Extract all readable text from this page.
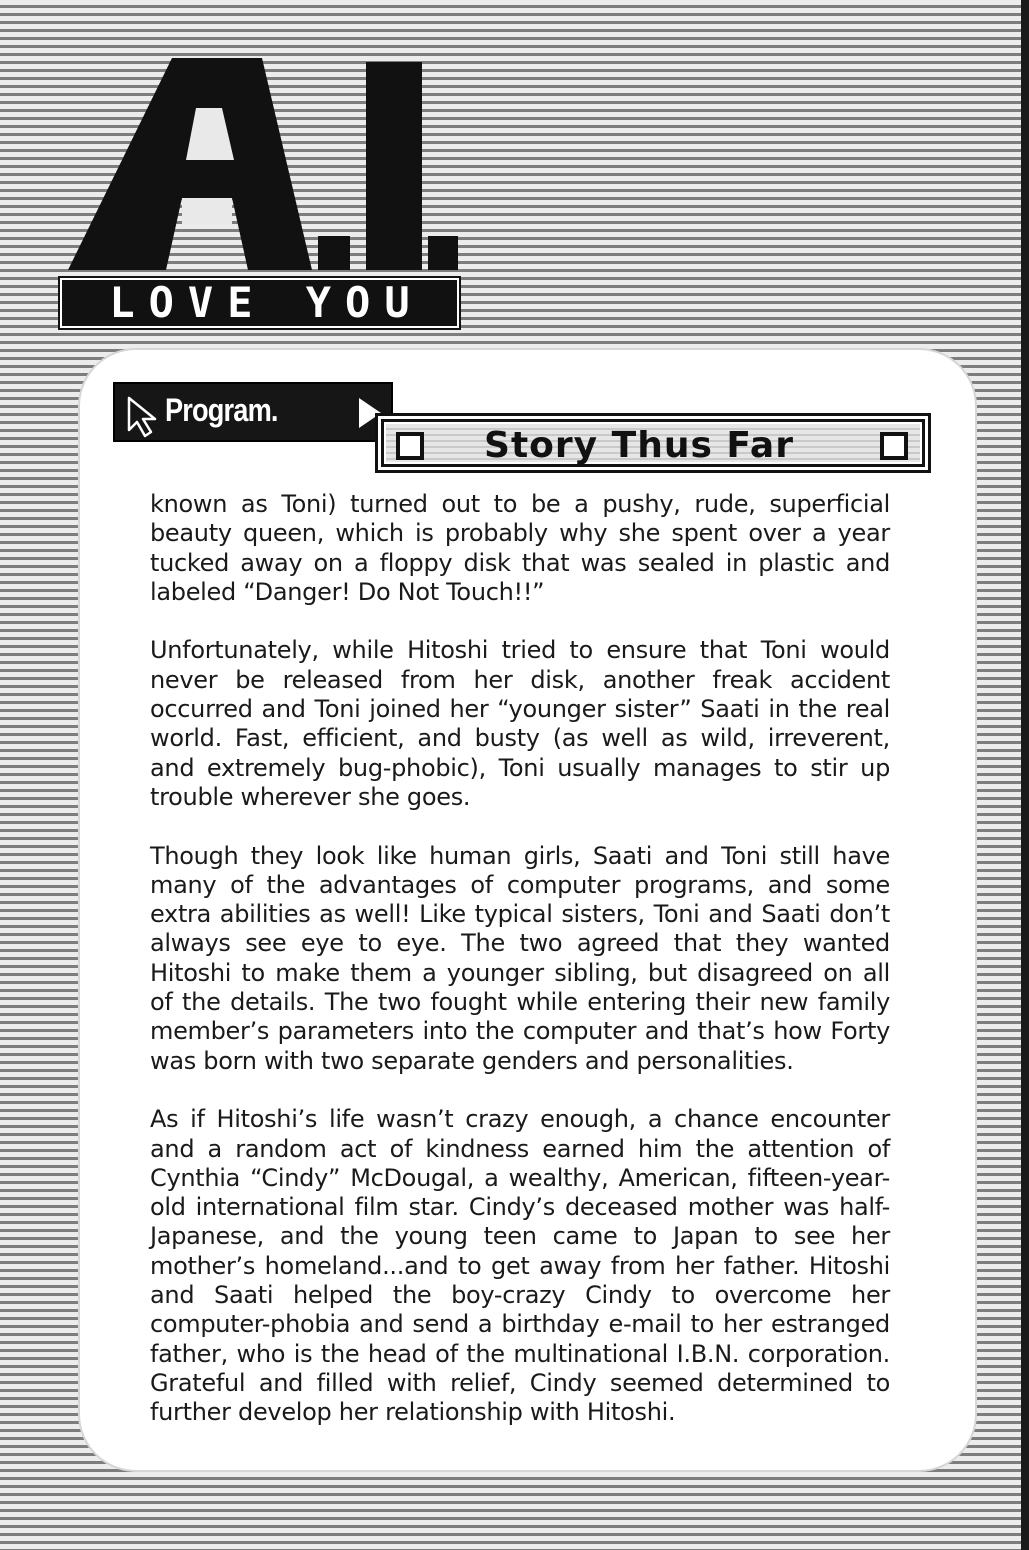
LOVE YOU
Program.
Story Thus Far

known as Toni) turned out to be a pushy, rude, superficial beauty queen, which is probably why she spent over a year tucked away on a floppy disk that was sealed in plastic and labeled “Danger! Do Not Touch!!”

Unfortunately, while Hitoshi tried to ensure that Toni would never be released from her disk, another freak accident occurred and Toni joined her “younger sister” Saati in the real world. Fast, efficient, and busty (as well as wild, irreverent, and extremely bug-phobic), Toni usually manages to stir up trouble wherever she goes.

Though they look like human girls, Saati and Toni still have many of the advantages of computer programs, and some extra abilities as well! Like typical sisters, Toni and Saati don’t always see eye to eye. The two agreed that they wanted Hitoshi to make them a younger sibling, but disagreed on all of the details. The two fought while entering their new family member’s parameters into the computer and that’s how Forty was born with two separate genders and personalities.

As if Hitoshi’s life wasn’t crazy enough, a chance encounter and a random act of kindness earned him the attention of Cynthia “Cindy” McDougal, a wealthy, American, fifteen-year-old international film star. Cindy’s deceased mother was half-Japanese, and the young teen came to Japan to see her mother’s homeland...and to get away from her father. Hitoshi and Saati helped the boy-crazy Cindy to overcome her computer-phobia and send a birthday e-mail to her estranged father, who is the head of the multinational I.B.N. corporation. Grateful and filled with relief, Cindy seemed determined to further develop her relationship with Hitoshi.
